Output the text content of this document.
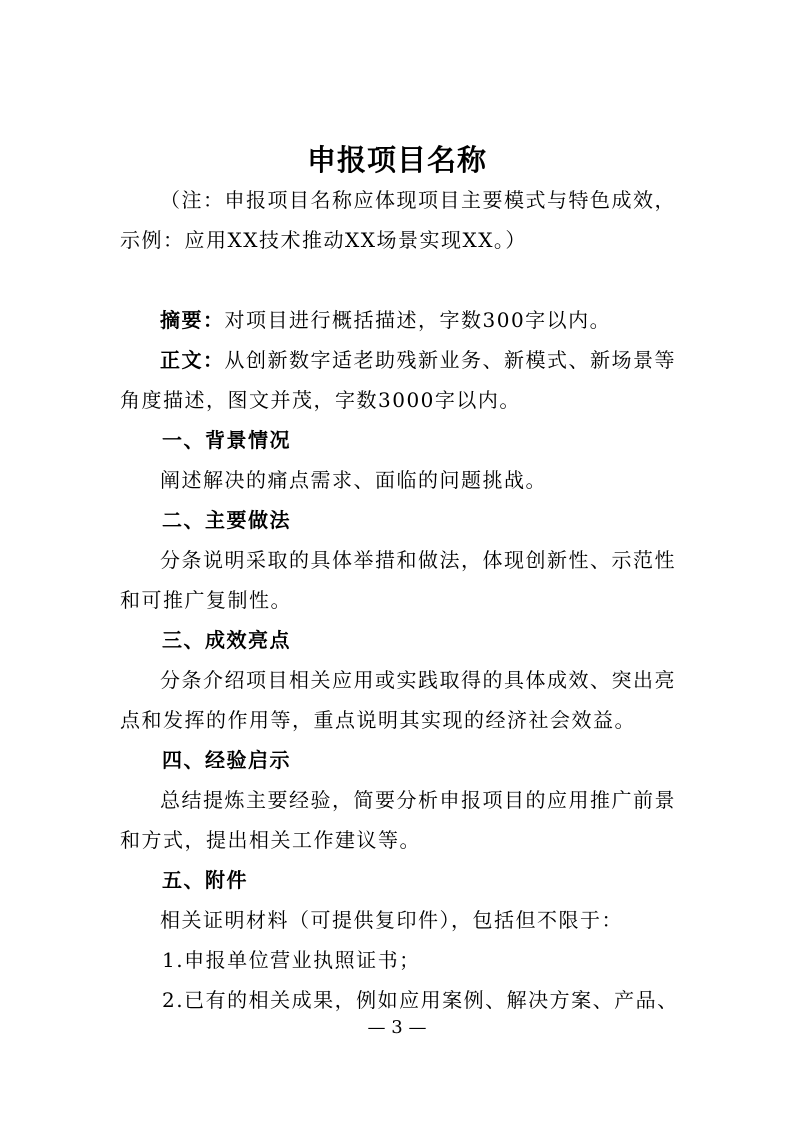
申报项目名称
（注：申报项目名称应体现项目主要模式与特色成效，示例：应用XX技术推动XX场景实现XX。）
摘要：对项目进行概括描述，字数300字以内。
正文：从创新数字适老助残新业务、新模式、新场景等角度描述，图文并茂，字数3000字以内。
一、背景情况
阐述解决的痛点需求、面临的问题挑战。
二、主要做法
分条说明采取的具体举措和做法，体现创新性、示范性和可推广复制性。
三、成效亮点
分条介绍项目相关应用或实践取得的具体成效、突出亮点和发挥的作用等，重点说明其实现的经济社会效益。
四、经验启示
总结提炼主要经验，简要分析申报项目的应用推广前景和方式，提出相关工作建议等。
五、附件
相关证明材料（可提供复印件），包括但不限于：
1.申报单位营业执照证书；
2.已有的相关成果，例如应用案例、解决方案、产品、
— 3 —
